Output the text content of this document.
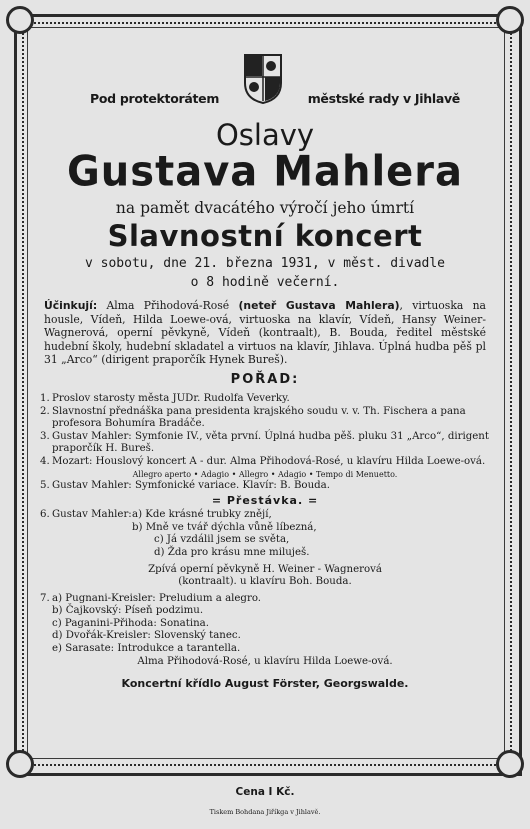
Pod protektorátem	městské rady v Jihlavě
Oslavy
Gustava Mahlera
na pamět dvacátého výročí jeho úmrtí
Slavnostní koncert
v sobotu, dne 21. března 1931, v měst. divadle
o 8 hodině večerní.
Účinkují: Alma Přihodová-Rosé (neteř Gustava Mahlera), virtuoska na housle, Vídeň, Hilda Loewe-ová, virtuoska na klavír, Vídeň, Hansy Weiner-Wagnerová, operní pěvkyně, Vídeň (kontraalt), B. Bouda, ředitel městské hudební školy, hudební skladatel a virtuos na klavír, Jihlava. Úplná hudba pěš pl 31 „Arco“ (dirigent praporčík Hynek Bureš).
POŘAD:
1. Proslov starosty města JUDr. Rudolfa Veverky.
2. Slavnostní přednáška pana presidenta krajského soudu v. v. Th. Fischera a pana profesora Bohumíra Bradáče.
3. Gustav Mahler: Symfonie IV., věta první. Úplná hudba pěš. pluku 31 „Arco“, dirigent praporčík H. Bureš.
4. Mozart: Houslový koncert A - dur. Alma Přihodová-Rosé, u klavíru Hilda Loewe-ová.
Allegro aperto • Adagio • Allegro • Adagio • Tempo di Menuetto.
5. Gustav Mahler: Symfonické variace. Klavír: B. Bouda.
= Přestávka. =
6. Gustav Mahler: a) Kde krásné trubky znějí,
b) Mně ve tvář dýchla vůně líbezná,
c) Já vzdálil jsem se světa,
d) Žda pro krásu mne miluješ.
Zpívá operní pěvkyně H. Weiner - Wagnerová
(kontraalt). u klavíru Boh. Bouda.
7. a) Pugnani-Kreisler: Preludium a alegro.
b) Čajkovský: Píseň podzimu.
c) Paganini-Přihoda: Sonatina.
d) Dvořák-Kreisler: Slovenský tanec.
e) Sarasate: Introdukce a tarantella.
Alma Přihodová-Rosé, u klavíru Hilda Loewe-ová.
Koncertní křídlo August Förster, Georgswalde.
Cena I Kč.
Tiskem Bohdana Jiříkga v Jihlavě.
